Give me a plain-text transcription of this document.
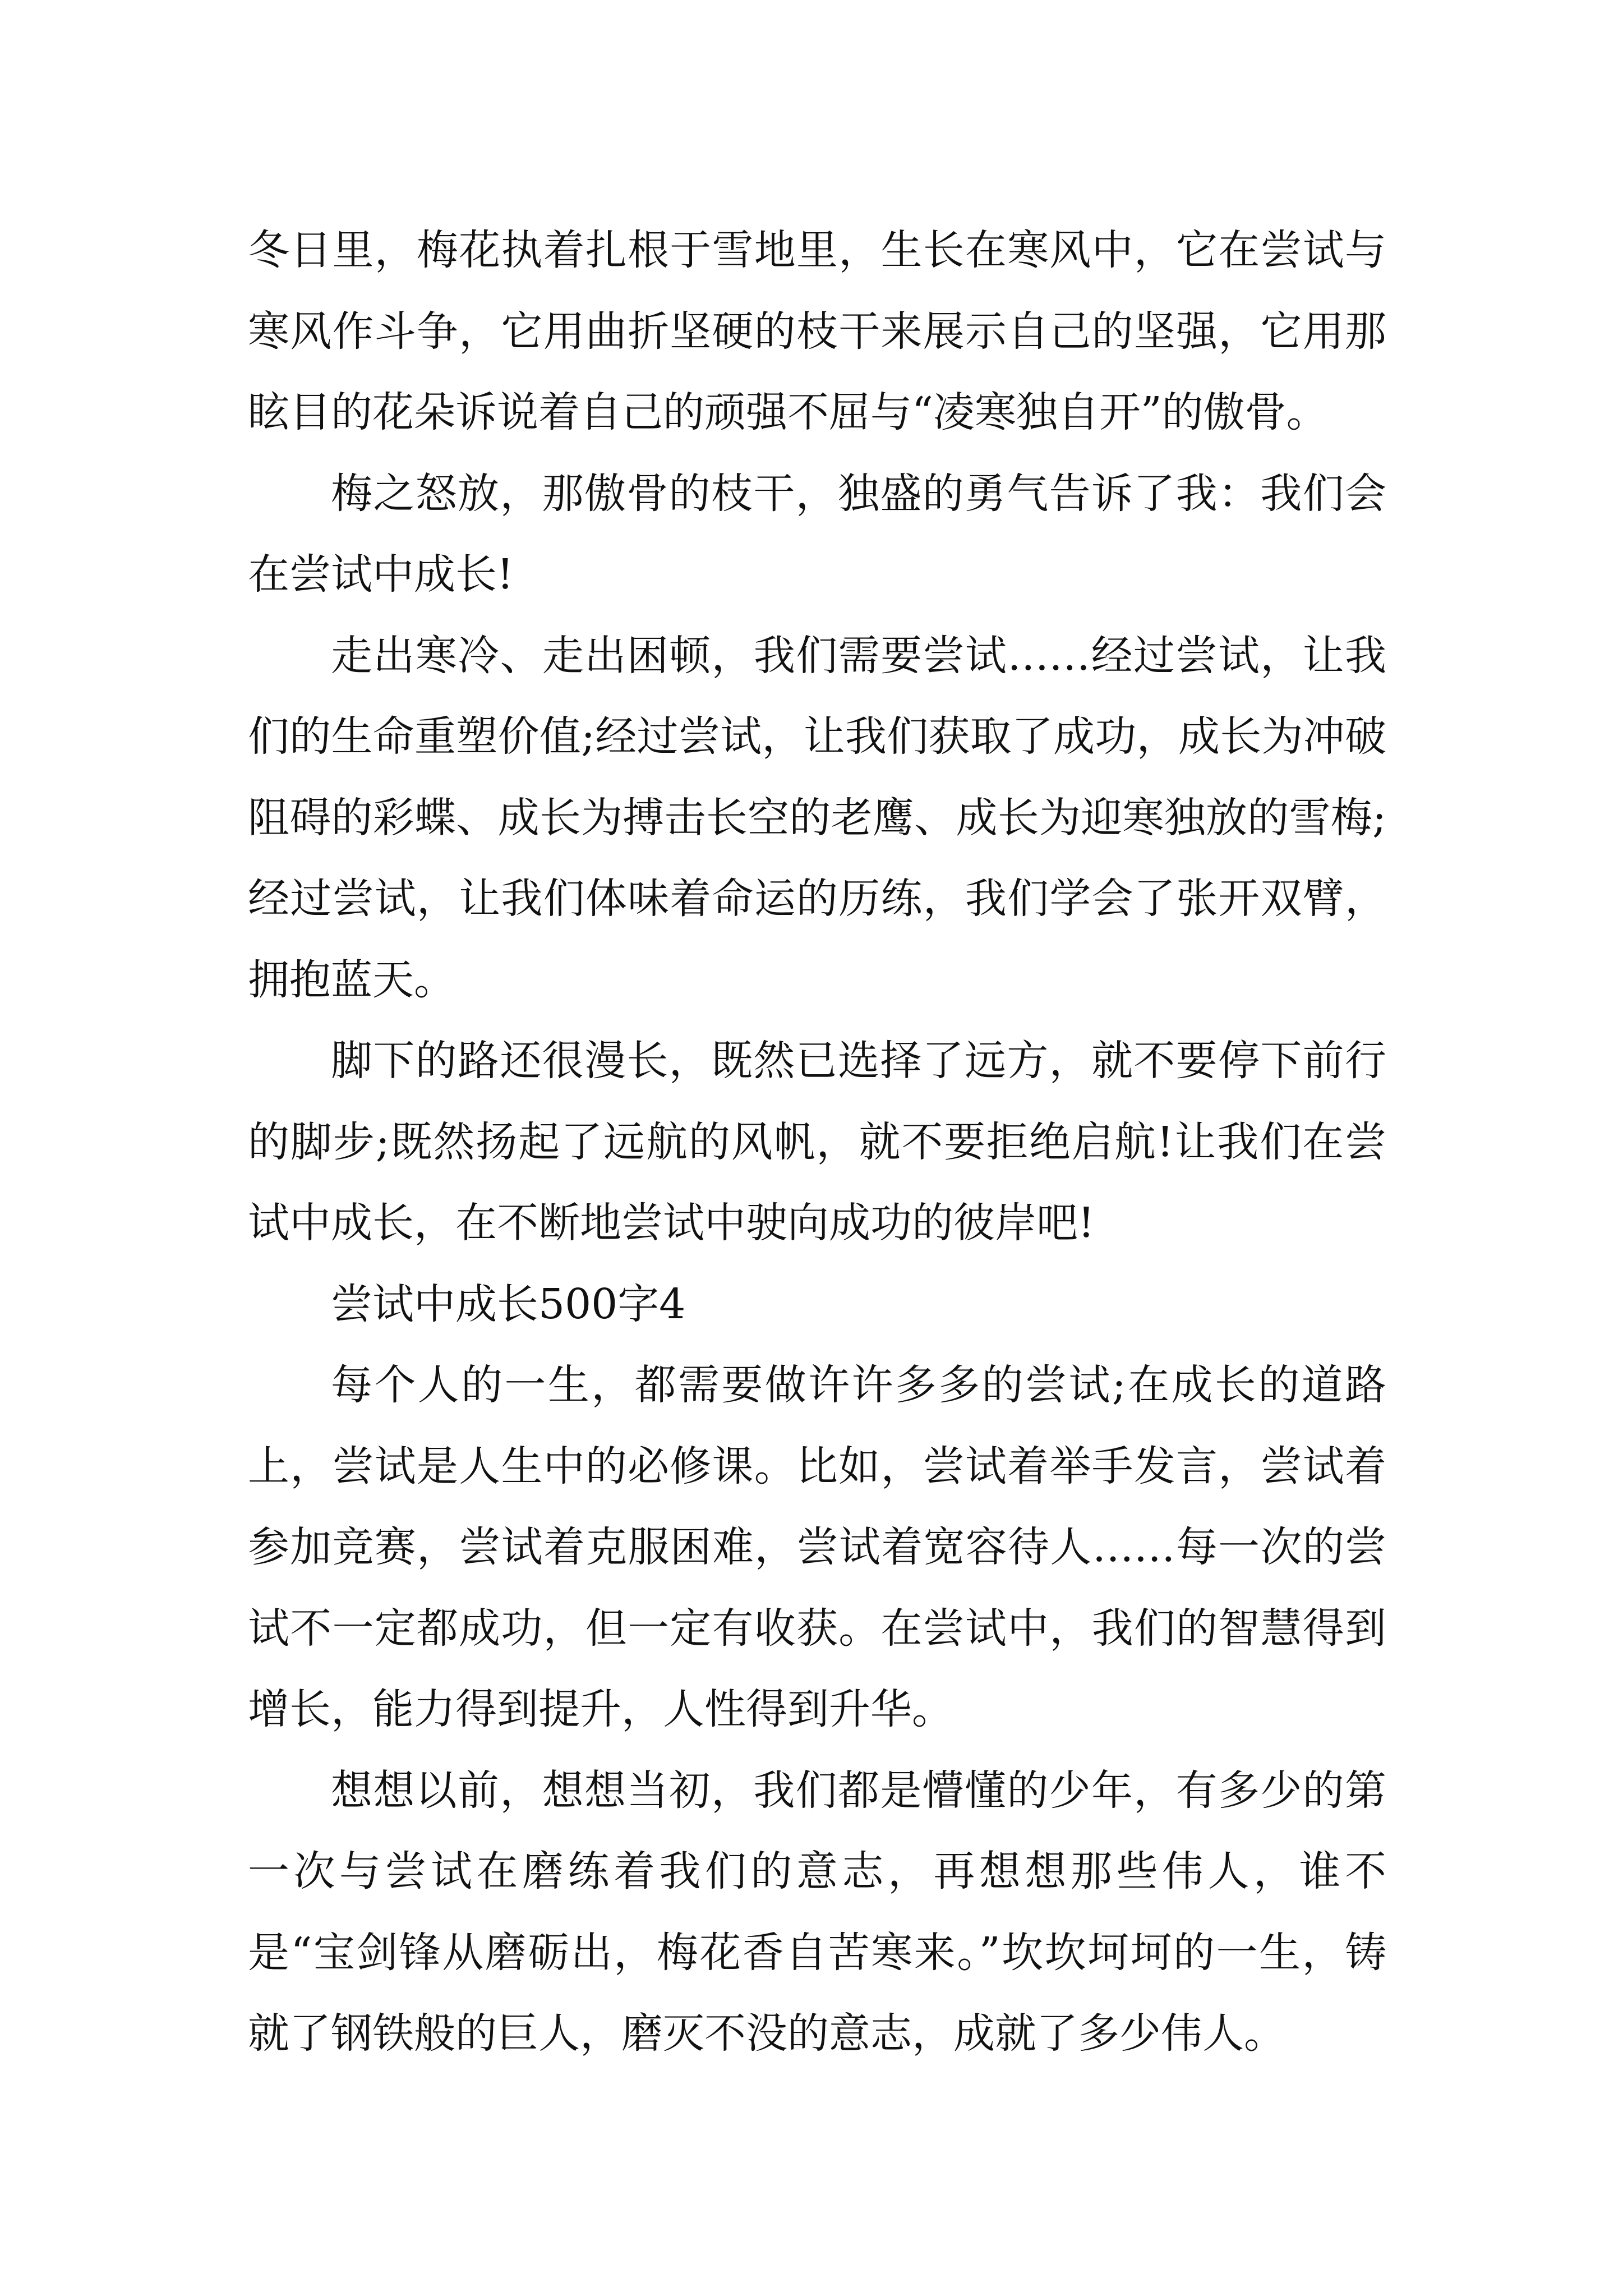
冬日里，梅花执着扎根于雪地里，生长在寒风中，它在尝试与寒风作斗争，它用曲折坚硬的枝干来展示自己的坚强，它用那眩目的花朵诉说着自己的顽强不屈与“凌寒独自开”的傲骨。

梅之怒放，那傲骨的枝干，独盛的勇气告诉了我：我们会在尝试中成长!

走出寒冷、走出困顿，我们需要尝试……经过尝试，让我们的生命重塑价值;经过尝试，让我们获取了成功，成长为冲破阻碍的彩蝶、成长为搏击长空的老鹰、成长为迎寒独放的雪梅;经过尝试，让我们体味着命运的历练，我们学会了张开双臂，拥抱蓝天。

脚下的路还很漫长，既然已选择了远方，就不要停下前行的脚步;既然扬起了远航的风帆，就不要拒绝启航!让我们在尝试中成长，在不断地尝试中驶向成功的彼岸吧!

尝试中成长500字4

每个人的一生，都需要做许许多多的尝试;在成长的道路上，尝试是人生中的必修课。比如，尝试着举手发言，尝试着参加竞赛，尝试着克服困难，尝试着宽容待人……每一次的尝试不一定都成功，但一定有收获。在尝试中，我们的智慧得到增长，能力得到提升，人性得到升华。

想想以前，想想当初，我们都是懵懂的少年，有多少的第一次与尝试在磨练着我们的意志，再想想那些伟人，谁不是“宝剑锋从磨砺出，梅花香自苦寒来。”坎坎坷坷的一生，铸就了钢铁般的巨人，磨灭不没的意志，成就了多少伟人。
